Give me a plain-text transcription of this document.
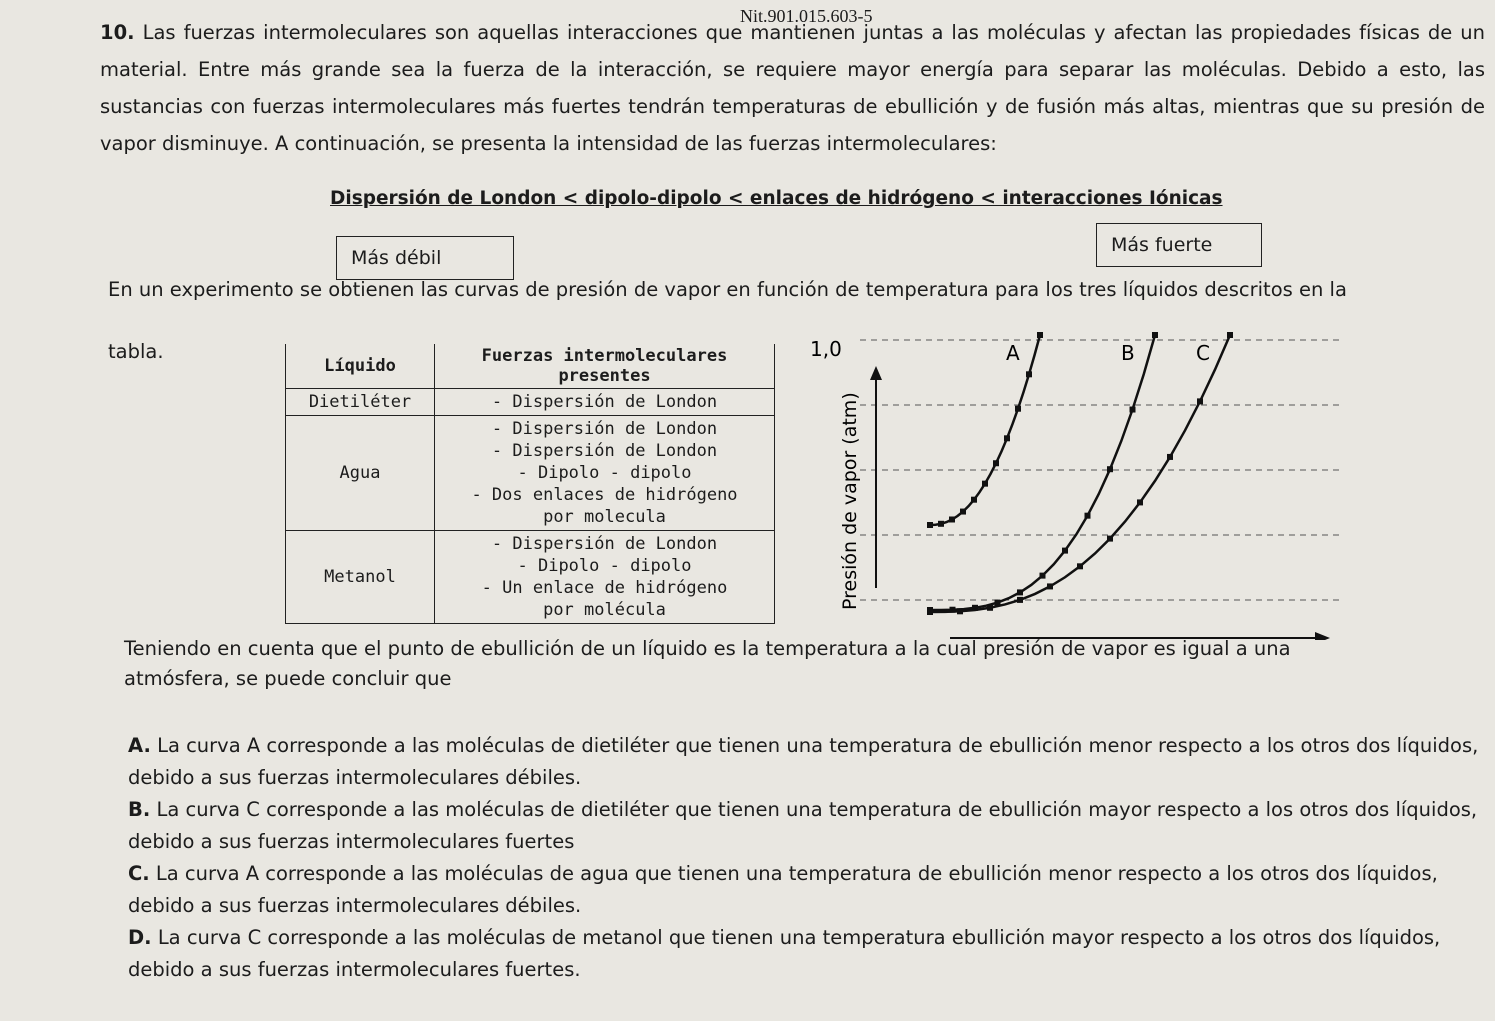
Nit.901.015.603-5
10. Las fuerzas intermoleculares son aquellas interacciones que mantienen juntas a las moléculas y afectan las propiedades físicas de un material. Entre más grande sea la fuerza de la interacción, se requiere mayor energía para separar las moléculas. Debido a esto, las sustancias con fuerzas intermoleculares más fuertes tendrán temperaturas de ebullición y de fusión más altas, mientras que su presión de vapor disminuye. A continuación, se presenta la intensidad de las fuerzas intermoleculares:
Dispersión de London < dipolo-dipolo < enlaces de hidrógeno < interacciones Iónicas
Más débil
Más fuerte
En un experimento se obtienen las curvas de presión de vapor en función de temperatura para los tres líquidos descritos en la
tabla.
Líquido	Fuerzas intermoleculares presentes
Dietiléter	- Dispersión de London

Agua	- Dispersión de London
- Dispersión de London
- Dipolo - dipolo
- Dos enlaces de hidrógeno
por molecula

Metanol	- Dispersión de London
- Dipolo - dipolo
- Un enlace de hidrógeno
por molécula
1,0
Presión de vapor (atm)
A	B	C
Teniendo en cuenta que el punto de ebullición de un líquido es la temperatura a la cual presión de vapor es igual a una
atmósfera, se puede concluir que
A. La curva A corresponde a las moléculas de dietiléter que tienen una temperatura de ebullición menor respecto a los otros dos líquidos, debido a sus fuerzas intermoleculares débiles.
B. La curva C corresponde a las moléculas de dietiléter que tienen una temperatura de ebullición mayor respecto a los otros dos líquidos, debido a sus fuerzas intermoleculares fuertes
C. La curva A corresponde a las moléculas de agua que tienen una temperatura de ebullición menor respecto a los otros dos líquidos, debido a sus fuerzas intermoleculares débiles.
D. La curva C corresponde a las moléculas de metanol que tienen una temperatura ebullición mayor respecto a los otros dos líquidos, debido a sus fuerzas intermoleculares fuertes.
